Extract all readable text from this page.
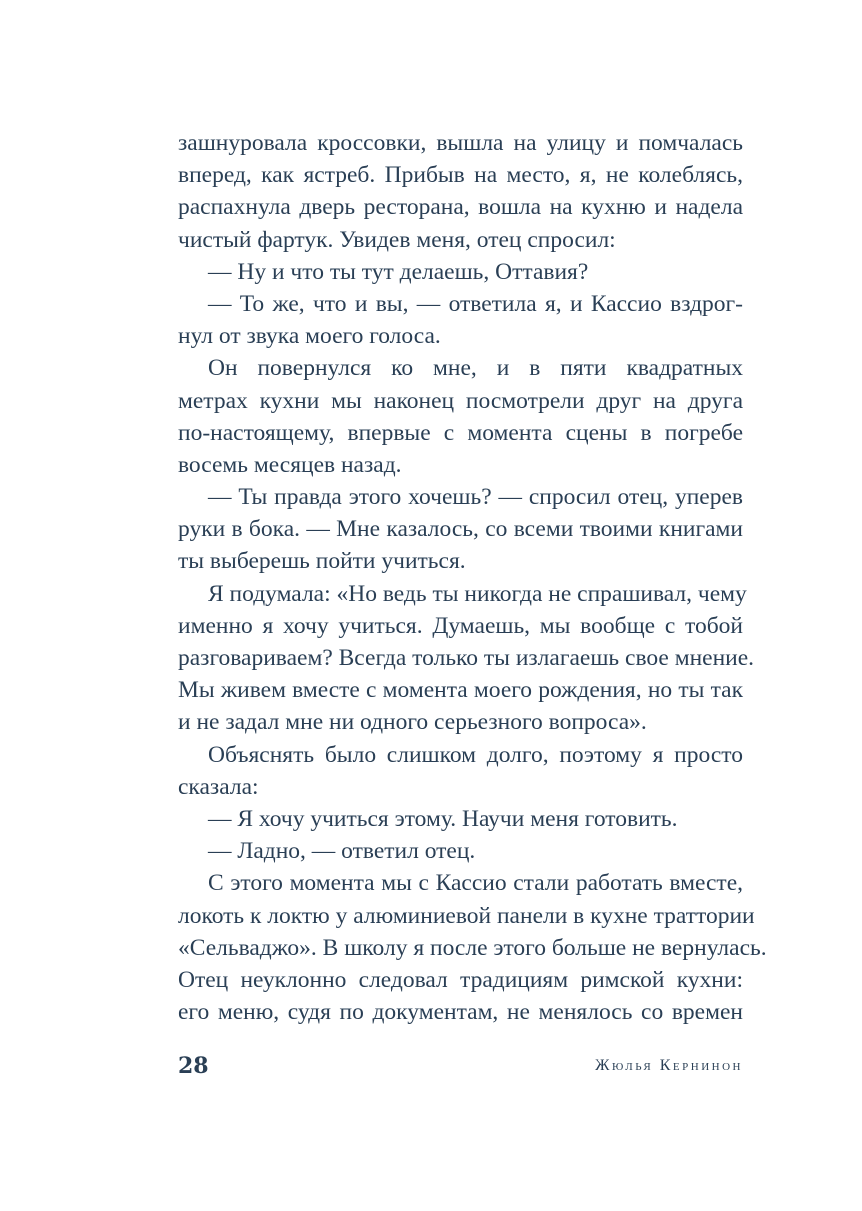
зашнуровала кроссовки, вышла на улицу и помчалась
вперед, как ястреб. Прибыв на место, я, не колеблясь,
распахнула дверь ресторана, вошла на кухню и надела
чистый фартук. Увидев меня, отец спросил:
— Ну и что ты тут делаешь, Оттавия?
— То же, что и вы, — ответила я, и Кассио вздрог-
нул от звука моего голоса.
Он повернулся ко мне, и в пяти квадратных
метрах кухни мы наконец посмотрели друг на друга
по-настоящему, впервые с момента сцены в погребе
восемь месяцев назад.
— Ты правда этого хочешь? — спросил отец, уперев
руки в бока. — Мне казалось, со всеми твоими книгами
ты выберешь пойти учиться.
Я подумала: «Но ведь ты никогда не спрашивал, чему
именно я хочу учиться. Думаешь, мы вообще с тобой
разговариваем? Всегда только ты излагаешь свое мнение.
Мы живем вместе с момента моего рождения, но ты так
и не задал мне ни одного серьезного вопроса».
Объяснять было слишком долго, поэтому я просто
сказала:
— Я хочу учиться этому. Научи меня готовить.
— Ладно, — ответил отец.
С этого момента мы с Кассио стали работать вместе,
локоть к локтю у алюминиевой панели в кухне траттории
«Сельваджо». В школу я после этого больше не вернулась.
Отец неуклонно следовал традициям римской кухни:
его меню, судя по документам, не менялось со времен
28	Жюлья Кернинон
